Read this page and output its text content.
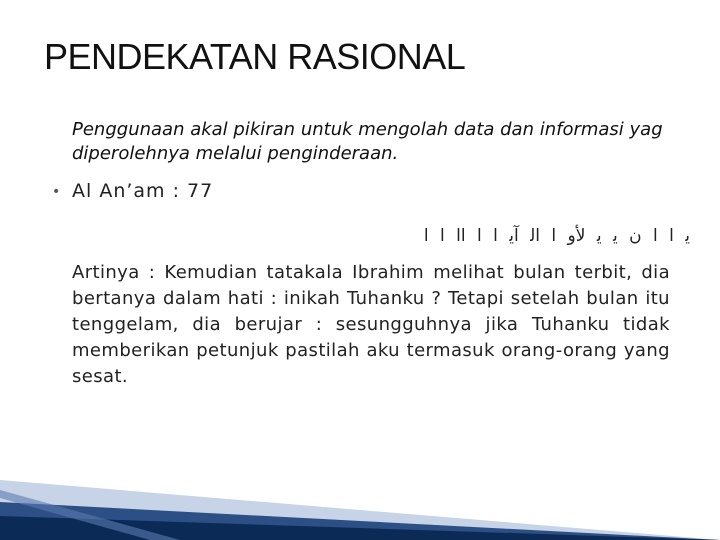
PENDEKATAN RASIONAL
Penggunaan akal pikiran untuk mengolah data dan informasi yag diperolehnya melalui penginderaan.
• Al An’am : 77
ﻳ ﺍ ﺍ ﻥ ﻳ ﻳ ﻷﻭ ﺍ ﺍﻟ ﺁﻳ ﺍ ﺍ ﺍﺍ ﺍ ﺍ
Artinya : Kemudian tatakala Ibrahim melihat bulan terbit, dia bertanya dalam hati : inikah Tuhanku ? Tetapi setelah bulan itu tenggelam, dia berujar : sesungguhnya jika Tuhanku tidak memberikan petunjuk pastilah aku termasuk orang-orang yang sesat.
